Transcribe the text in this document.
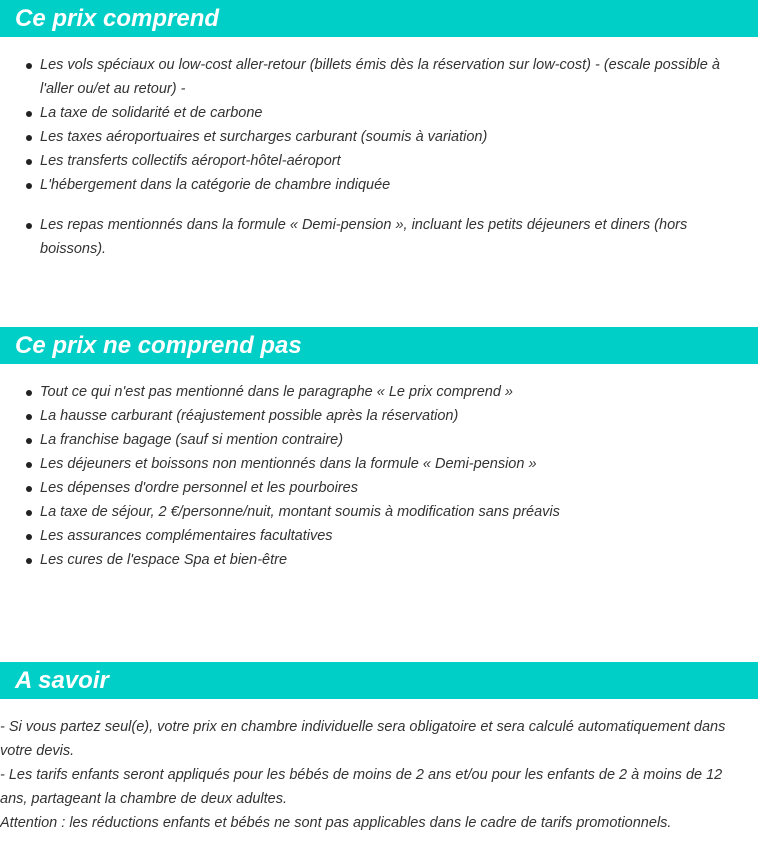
Ce prix comprend
Les vols spéciaux ou low-cost aller-retour (billets émis dès la réservation sur low-cost) - (escale possible à l'aller ou/et au retour) -
La taxe de solidarité et de carbone
Les taxes aéroportuaires et surcharges carburant (soumis à variation)
Les transferts collectifs aéroport-hôtel-aéroport
L'hébergement dans la catégorie de chambre indiquée
Les repas mentionnés dans la formule « Demi-pension », incluant les petits déjeuners et diners (hors boissons).
Ce prix ne comprend pas
Tout ce qui n'est pas mentionné dans le paragraphe « Le prix comprend »
La hausse carburant (réajustement possible après la réservation)
La franchise bagage (sauf si mention contraire)
Les déjeuners et boissons non mentionnés dans la formule « Demi-pension »
Les dépenses d'ordre personnel et les pourboires
La taxe de séjour, 2 €/personne/nuit, montant soumis à modification sans préavis
Les assurances complémentaires facultatives
Les cures de l'espace Spa et bien-être
A savoir

- Si vous partez seul(e), votre prix en chambre individuelle sera obligatoire et sera calculé automatiquement dans votre devis.

- Les tarifs enfants seront appliqués pour les bébés de moins de 2 ans et/ou pour les enfants de 2 à moins de 12 ans, partageant la chambre de deux adultes.

Attention : les réductions enfants et bébés ne sont pas applicables dans le cadre de tarifs promotionnels.
